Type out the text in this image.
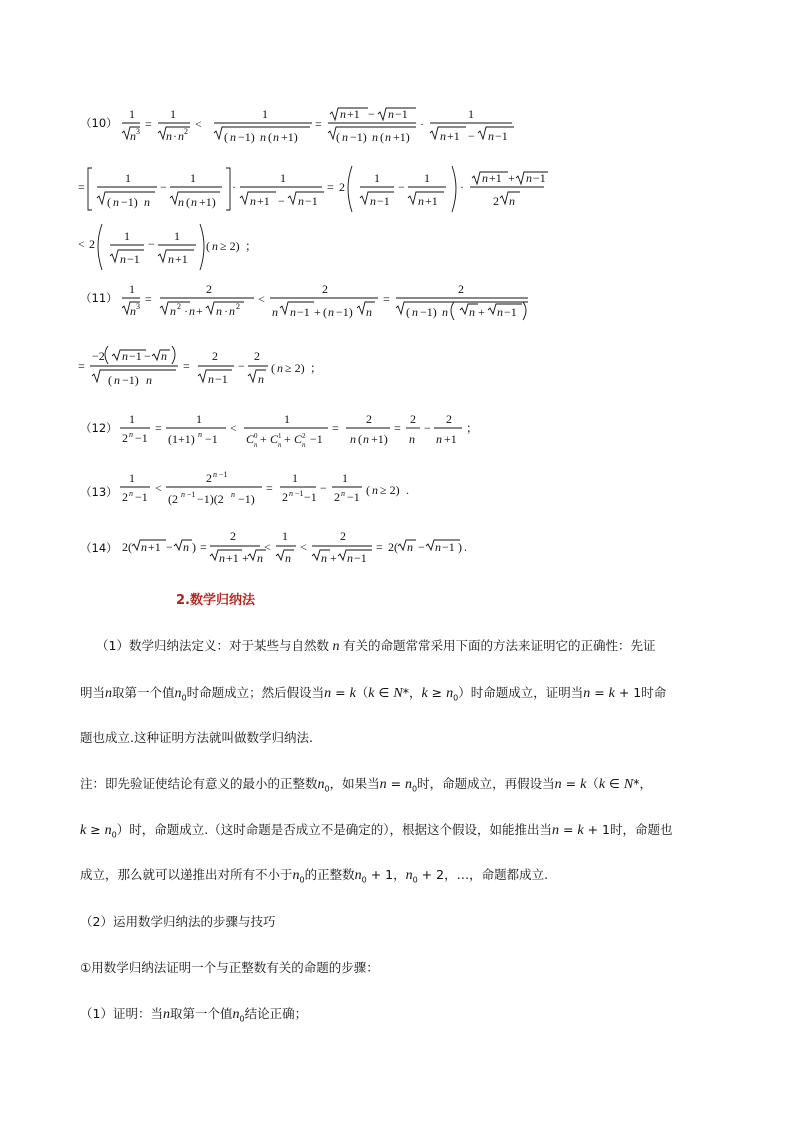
（10）
1
n 3
=
1
n · n 2
<
1
( n −1) n ( n +1)
=
n +1 − n −1
( n −1) n ( n +1)
·
1
n +1 − n −1
=
1
( n −1) n
−
1
n ( n +1)
·
1
n +1 − n −1
= 2
1
n −1
−
1
n +1
·
n +1 + n −1
2 n
< 2
1
n −1
−
1
n +1
( n ≥ 2) ；
1
n 3
=
2
n 2 · n + n · n 2
<
2
n n −1 + ( n −1) n
=
2
( n −1) n n + n −1
=
−2 n −1 − n
( n −1) n
=
2
n −1
−
2
n
( n ≥ 2) ；
1
2 n −1
=
1
(1+1) n −1
<
1
C 0
n + C 1
n + C 2
n −1
=
2
n ( n +1)
=
2
n
−
2
n +1
；
1
2 n −1
<
2 n −1
(2 n −1 −1)(2 n −1)
=
1
2 n −1 −1
−
1
2 n −1 ( n ≥ 2) .
2( n +1 − n ) =
2
n +1 + n
<
1
n
<
2
n + n −1
= 2( n − n −1 ) .
（11）
（12）
（13）
（14）
2.数学归纳法
（1）数学归纳法定义：对于某些与自然数 n 有关的命题常常采用下面的方法来证明它的正确性：先证
明当n取第一个值$n_0$时命题成立；然后假设当n = k（k ∈ N*，$k \ge n_0$）时命题成立，证明当n = k + 1时命
题也成立.这种证明方法就叫做数学归纳法.
注：即先验证使结论有意义的最小的正整数$n_0$，如果当$n = n_0$时，命题成立，再假设当n = k（k ∈ N*，
$k \ge n_0$）时，命题成立.（这时命题是否成立不是确定的），根据这个假设，如能推出当n = k + 1时，命题也
成立，那么就可以递推出对所有不小于$n_0$的正整数$n_0 + 1$，$n_0 + 2$，…，命题都成立.
（2）运用数学归纳法的步骤与技巧
①用数学归纳法证明一个与正整数有关的命题的步骤：
（1）证明：当n取第一个值$n_0$结论正确；
